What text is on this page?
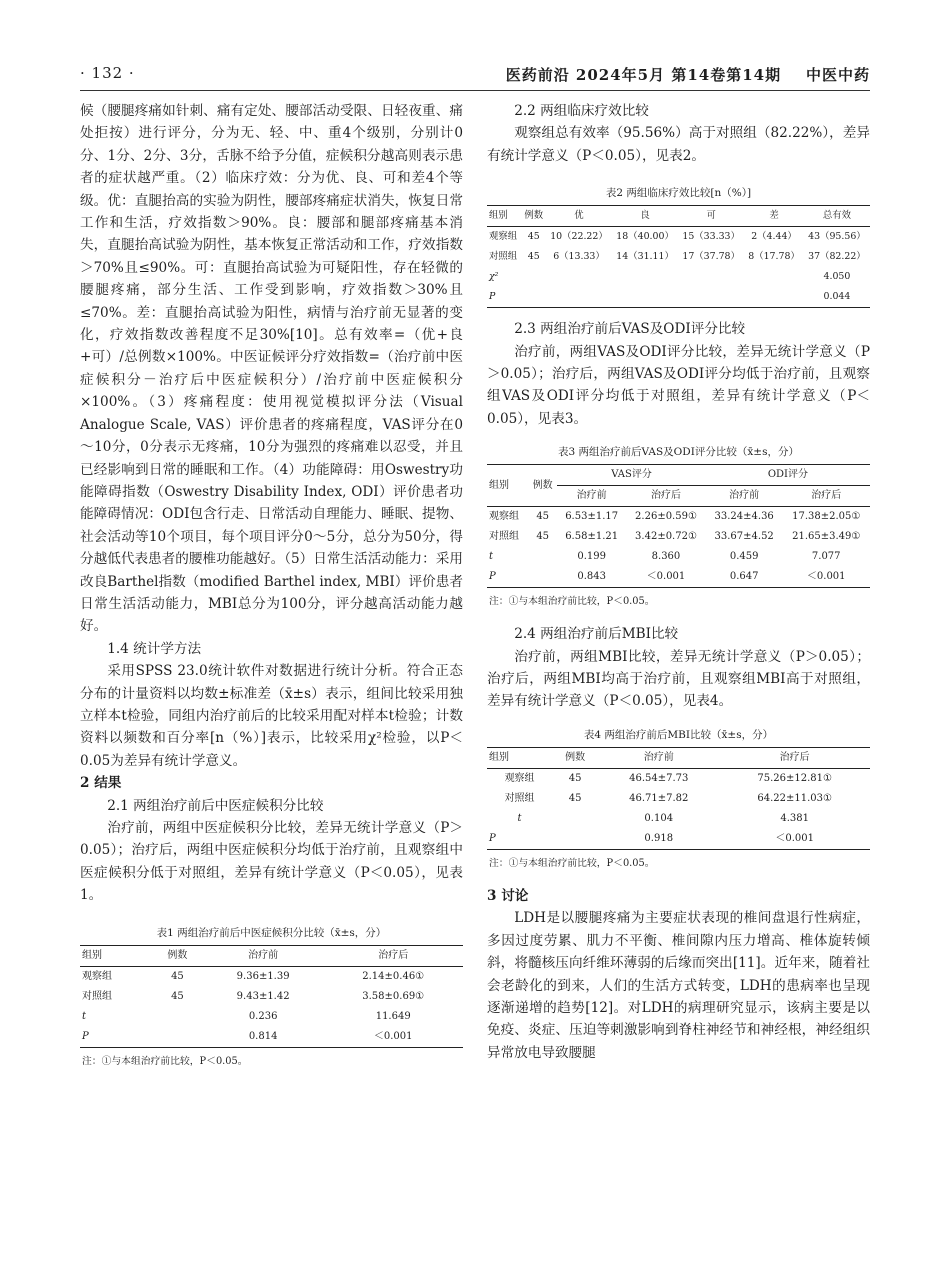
· 132 ·	医药前沿 2024年5月 第14卷第14期 中医中药

候（腰腿疼痛如针刺、痛有定处、腰部活动受限、日轻夜重、痛处拒按）进行评分，分为无、轻、中、重4个级别，分别计0分、1分、2分、3分，舌脉不给予分值，症候积分越高则表示患者的症状越严重。（2）临床疗效：分为优、良、可和差4个等级。优：直腿抬高的实验为阴性，腰部疼痛症状消失，恢复日常工作和生活，疗效指数＞90%。良：腰部和腿部疼痛基本消失，直腿抬高试验为阴性，基本恢复正常活动和工作，疗效指数＞70%且≤90%。可：直腿抬高试验为可疑阳性，存在轻微的腰腿疼痛，部分生活、工作受到影响，疗效指数＞30%且≤70%。差：直腿抬高试验为阳性，病情与治疗前无显著的变化，疗效指数改善程度不足30%[10]。总有效率=（优+良+可）/总例数×100%。中医证候评分疗效指数=（治疗前中医症候积分－治疗后中医症候积分）/治疗前中医症候积分×100%。（3）疼痛程度：使用视觉模拟评分法（Visual Analogue Scale, VAS）评价患者的疼痛程度，VAS评分在0～10分，0分表示无疼痛，10分为强烈的疼痛难以忍受，并且已经影响到日常的睡眠和工作。（4）功能障碍：用Oswestry功能障碍指数（Oswestry Disability Index, ODI）评价患者功能障碍情况：ODI包含行走、日常活动自理能力、睡眠、提物、社会活动等10个项目，每个项目评分0～5分，总分为50分，得分越低代表患者的腰椎功能越好。（5）日常生活活动能力：采用改良Barthel指数（modified Barthel index, MBI）评价患者日常生活活动能力，MBI总分为100分，评分越高活动能力越好。

1.4 统计学方法

采用SPSS 23.0统计软件对数据进行统计分析。符合正态分布的计量资料以均数±标准差（x̄±s）表示，组间比较采用独立样本t检验，同组内治疗前后的比较采用配对样本t检验；计数资料以频数和百分率[n（%）]表示，比较采用χ²检验，以P＜0.05为差异有统计学意义。

2 结果
2.1 两组治疗前后中医症候积分比较

治疗前，两组中医症候积分比较，差异无统计学意义（P＞0.05）；治疗后，两组中医症候积分均低于治疗前，且观察组中医症候积分低于对照组，差异有统计学意义（P＜0.05），见表1。

表1 两组治疗前后中医症候积分比较（x̄±s，分）
组别	例数	治疗前	治疗后
观察组	45	9.36±1.39	2.14±0.46①
对照组	45	9.43±1.42	3.58±0.69①
t		0.236	11.649
P		0.814	＜0.001
注：①与本组治疗前比较，P＜0.05。
2.2 两组临床疗效比较

观察组总有效率（95.56%）高于对照组（82.22%），差异有统计学意义（P＜0.05），见表2。

表2 两组临床疗效比较[n（%）]
组别	例数	优	良	可	差	总有效
观察组	45	10（22.22）	18（40.00）	15（33.33）	2（4.44）	43（95.56）
对照组	45	6（13.33）	14（31.11）	17（37.78）	8（17.78）	37（82.22）
χ²						4.050
P						0.044
2.3 两组治疗前后VAS及ODI评分比较

治疗前，两组VAS及ODI评分比较，差异无统计学意义（P＞0.05）；治疗后，两组VAS及ODI评分均低于治疗前，且观察组VAS及ODI评分均低于对照组，差异有统计学意义（P＜0.05），见表3。

表3 两组治疗前后VAS及ODI评分比较（x̄±s，分）
组别	例数	VAS评分		ODI评分	
		治疗前	治疗后	治疗前	治疗后
观察组	45	6.53±1.17	2.26±0.59①	33.24±4.36	17.38±2.05①
对照组	45	6.58±1.21	3.42±0.72①	33.67±4.52	21.65±3.49①
t		0.199	8.360	0.459	7.077
P		0.843	＜0.001	0.647	＜0.001
注：①与本组治疗前比较，P＜0.05。
2.4 两组治疗前后MBI比较

治疗前，两组MBI比较，差异无统计学意义（P＞0.05）；治疗后，两组MBI均高于治疗前，且观察组MBI高于对照组，差异有统计学意义（P＜0.05），见表4。

表4 两组治疗前后MBI比较（x̄±s，分）
组别	例数	治疗前	治疗后
观察组	45	46.54±7.73	75.26±12.81①
对照组	45	46.71±7.82	64.22±11.03①
t		0.104	4.381
P		0.918	＜0.001
注：①与本组治疗前比较，P＜0.05。
3 讨论

LDH是以腰腿疼痛为主要症状表现的椎间盘退行性病症，多因过度劳累、肌力不平衡、椎间隙内压力增高、椎体旋转倾斜，将髓核压向纤维环薄弱的后缘而突出[11]。近年来，随着社会老龄化的到来，人们的生活方式转变，LDH的患病率也呈现逐渐递增的趋势[12]。对LDH的病理研究显示，该病主要是以免疫、炎症、压迫等刺激影响到脊柱神经节和神经根，神经组织异常放电导致腰腿
